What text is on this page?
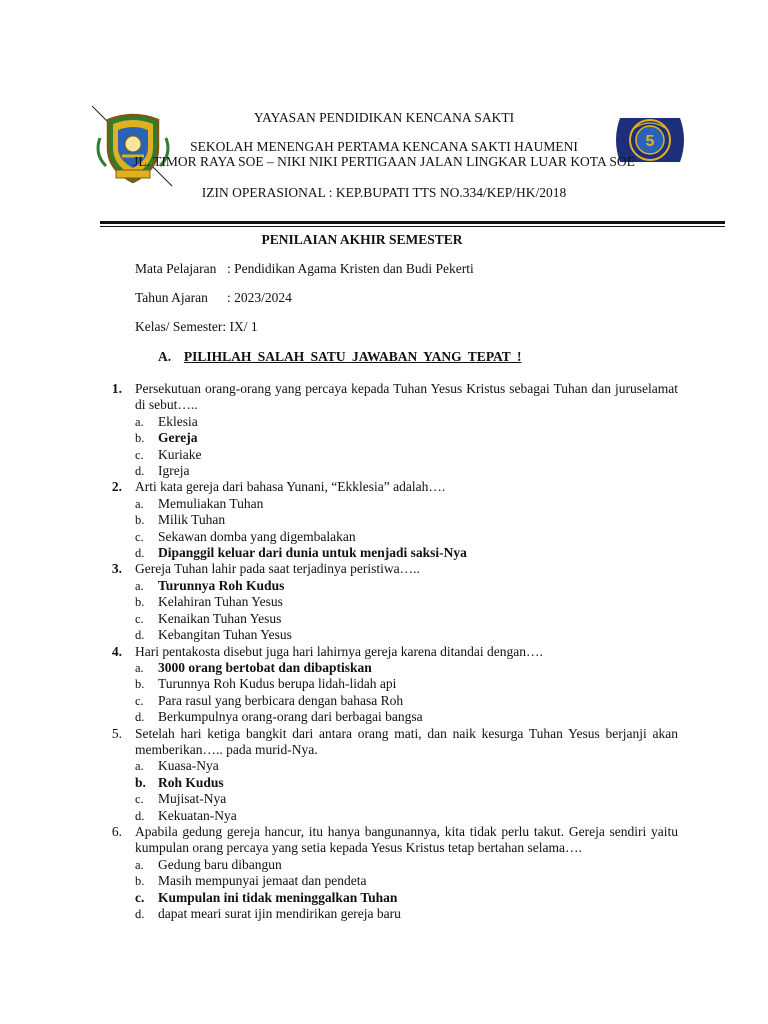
5
YAYASAN PENDIDIKAN KENCANA SAKTI
SEKOLAH MENENGAH PERTAMA KENCANA SAKTI HAUMENI
JL. TIMOR RAYA SOE – NIKI NIKI PERTIGAAN JALAN LINGKAR LUAR KOTA SOE
IZIN OPERASIONAL : KEP.BUPATI TTS NO.334/KEP/HK/2018
PENILAIAN AKHIR SEMESTER
Mata Pelajaran : Pendidikan Agama Kristen dan Budi Pekerti
Tahun Ajaran : 2023/2024
Kelas/ Semester: IX/ 1
A. PILIHLAH SALAH SATU JAWABAN YANG TEPAT !
1. Persekutuan orang-orang yang percaya kepada Tuhan Yesus Kristus sebagai Tuhan dan juruselamat di sebut…..
a.	Eklesia
b.	Gereja
c.	Kuriake
d.	Igreja
2. Arti kata gereja dari bahasa Yunani, “Ekklesia” adalah….
a.	Memuliakan Tuhan
b.	Milik Tuhan
c.	Sekawan domba yang digembalakan
d.	Dipanggil keluar dari dunia untuk menjadi saksi-Nya
3. Gereja Tuhan lahir pada saat terjadinya peristiwa…..
a.	Turunnya Roh Kudus
b.	Kelahiran Tuhan Yesus
c.	Kenaikan Tuhan Yesus
d.	Kebangitan Tuhan Yesus
4. Hari pentakosta disebut juga hari lahirnya gereja karena ditandai dengan….
a.	3000 orang bertobat dan dibaptiskan
b.	Turunnya Roh Kudus berupa lidah-lidah api
c.	Para rasul yang berbicara dengan bahasa Roh
d.	Berkumpulnya orang-orang dari berbagai bangsa
5. Setelah hari ketiga bangkit dari antara orang mati, dan naik kesurga Tuhan Yesus berjanji akan memberikan….. pada murid-Nya.
a.	Kuasa-Nya
b. Roh Kudus
c.	Mujisat-Nya
d.	Kekuatan-Nya
6. Apabila gedung gereja hancur, itu hanya bangunannya, kita tidak perlu takut. Gereja sendiri yaitu kumpulan orang percaya yang setia kepada Yesus Kristus tetap bertahan selama….
a.	Gedung baru dibangun
b.	Masih mempunyai jemaat dan pendeta
c.	Kumpulan ini tidak meninggalkan Tuhan
d.	dapat meari surat ijin mendirikan gereja baru
